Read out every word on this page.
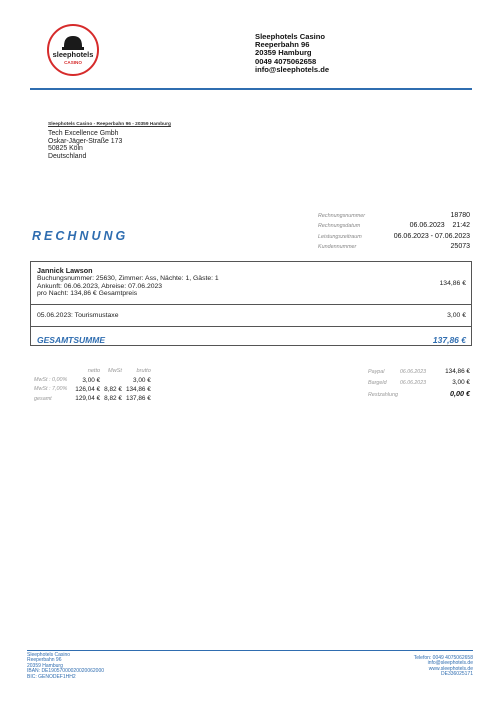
sleephotels
CASINO
Sleephotels Casino
Reeperbahn 96
20359 Hamburg
0049 4075062658
info@sleephotels.de
Sleephotels Casino - Reeperbahn 96 - 20359 Hamburg
Tech Excellence Gmbh
Oskar-Jäger-Straße 173
50825 Köln
Deutschland
Rechnungsnummer	18780
Rechnungsdatum	06.06.2023    21:42
Leistungszeitraum	06.06.2023 - 07.06.2023
Kundennummer	25073
RECHNUNG
Jannick Lawson
Buchungsnummer: 25630, Zimmer: Ass, Nächte: 1, Gäste: 1
Ankunft: 06.06.2023, Abreise: 07.06.2023
pro Nacht: 134,86 € Gesamtpreis
134,86 €
05.06.2023: Tourismustaxe	3,00 €
GESAMTSUMME	137,86 €
	netto	MwSt	brutto
MwSt : 0,00%	3,00 €		3,00 €
MwSt : 7,00%	126,04 €	8,82 €	134,86 €
gesamt	129,04 €	8,82 €	137,86 €
Paypal	06.06.2023	134,86 €
Bargeld	06.06.2023	3,00 €
Restzahlung	0,00 €
Sleephotels Casino
Reeperbahn 96
20359 Hamburg
IBAN: DE19057000020020062000
BIC: GENODEF1HH2
Telefon: 0049 4075062658
info@sleephotels.de
www.sleephotels.de
DE336025171
